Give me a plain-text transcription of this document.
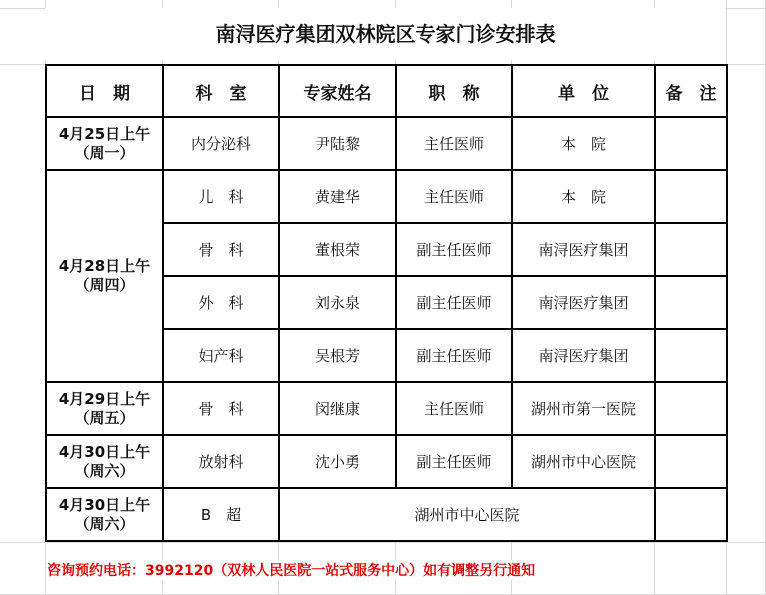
南浔医疗集团双林院区专家门诊安排表
日　期	科　室	专家姓名	职　称	单　位	备　注

4月25日上午
（周一）	内分泌科	尹陆黎	主任医师	本　院	

4月28日上午
（周四）	儿　科	黄建华	主任医师	本　院	
	骨　科	董根荣	副主任医师	南浔医疗集团	
	外　科	刘永泉	副主任医师	南浔医疗集团	
	妇产科	吴根芳	副主任医师	南浔医疗集团	

4月29日上午
（周五）	骨　科	闵继康	主任医师	湖州市第一医院	

4月30日上午
（周六）	放射科	沈小勇	副主任医师	湖州市中心医院	

4月30日上午
（周六）	B　超	湖州市中心医院			
咨询预约电话：3992120（双林人民医院一站式服务中心）如有调整另行通知
